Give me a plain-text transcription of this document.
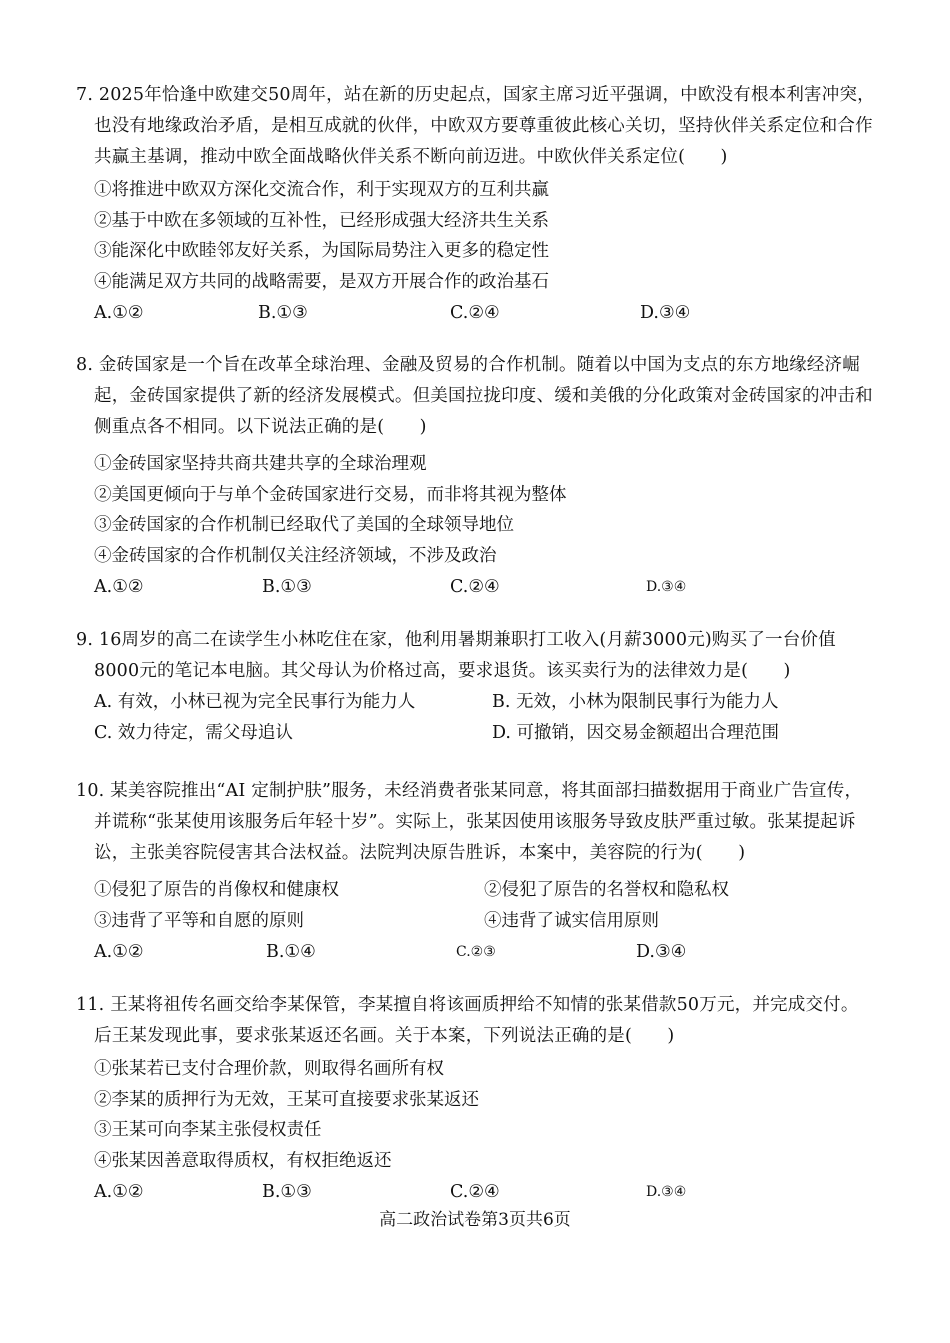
7. 2025年恰逢中欧建交50周年，站在新的历史起点，国家主席习近平强调，中欧没有根本利害冲突，也没有地缘政治矛盾，是相互成就的伙伴，中欧双方要尊重彼此核心关切，坚持伙伴关系定位和合作共赢主基调，推动中欧全面战略伙伴关系不断向前迈进。中欧伙伴关系定位(　　)

①将推进中欧双方深化交流合作，利于实现双方的互利共赢

②基于中欧在多领域的互补性，已经形成强大经济共生关系

③能深化中欧睦邻友好关系，为国际局势注入更多的稳定性

④能满足双方共同的战略需要，是双方开展合作的政治基石

A.①②	B.①③	C.②④	D.③④

8. 金砖国家是一个旨在改革全球治理、金融及贸易的合作机制。随着以中国为支点的东方地缘经济崛起，金砖国家提供了新的经济发展模式。但美国拉拢印度、缓和美俄的分化政策对金砖国家的冲击和侧重点各不相同。以下说法正确的是(　　)

①金砖国家坚持共商共建共享的全球治理观

②美国更倾向于与单个金砖国家进行交易，而非将其视为整体

③金砖国家的合作机制已经取代了美国的全球领导地位

④金砖国家的合作机制仅关注经济领域，不涉及政治

A.①②	B.①③	C.②④	D.③④

9. 16周岁的高二在读学生小林吃住在家，他利用暑期兼职打工收入(月薪3000元)购买了一台价值8000元的笔记本电脑。其父母认为价格过高，要求退货。该买卖行为的法律效力是(　　)

A. 有效，小林已视为完全民事行为能力人	B. 无效，小林为限制民事行为能力人
C. 效力待定，需父母追认	D. 可撤销，因交易金额超出合理范围

10. 某美容院推出“AI 定制护肤”服务，未经消费者张某同意，将其面部扫描数据用于商业广告宣传，并谎称“张某使用该服务后年轻十岁”。实际上，张某因使用该服务导致皮肤严重过敏。张某提起诉讼，主张美容院侵害其合法权益。法院判决原告胜诉，本案中，美容院的行为(　　)

①侵犯了原告的肖像权和健康权	②侵犯了原告的名誉权和隐私权
③违背了平等和自愿的原则	④违背了诚实信用原则
A.①②	B.①④	C.②③	D.③④

11. 王某将祖传名画交给李某保管，李某擅自将该画质押给不知情的张某借款50万元，并完成交付。后王某发现此事，要求张某返还名画。关于本案，下列说法正确的是(　　)

①张某若已支付合理价款，则取得名画所有权

②李某的质押行为无效，王某可直接要求张某返还

③王某可向李某主张侵权责任

④张某因善意取得质权，有权拒绝返还

A.①②	B.①③	C.②④	D.③④
高二政治试卷第3页共6页
